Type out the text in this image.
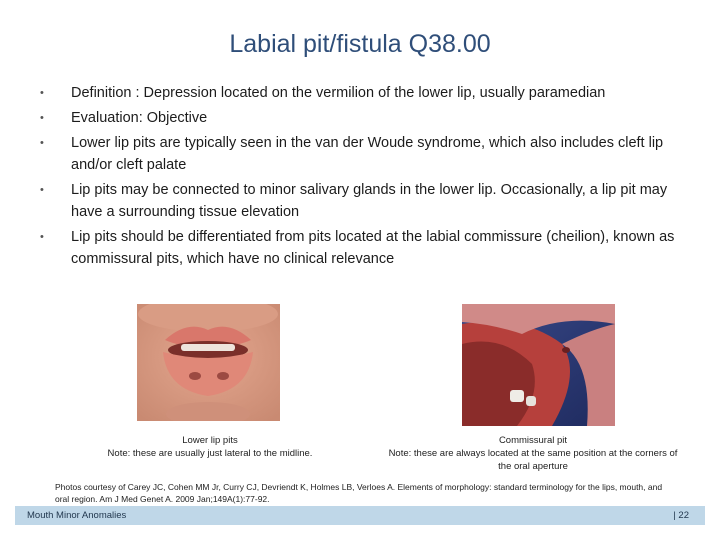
Labial pit/fistula Q38.00
• Definition : Depression located on the vermilion of the lower lip, usually paramedian
• Evaluation: Objective
• Lower lip pits are typically seen in the van der Woude syndrome, which also includes cleft lip and/or cleft palate
• Lip pits may be connected to minor salivary glands in the lower lip. Occasionally, a lip pit may have a surrounding tissue elevation
• Lip pits should be differentiated from pits located at the labial commissure (cheilion), known as commissural pits, which have no clinical relevance
Lower lip pits
Note: these are usually just lateral to the midline.
Commissural pit
Note: these are always located at the same position at the corners of the oral aperture
Photos courtesy of Carey JC, Cohen MM Jr, Curry CJ, Devriendt K, Holmes LB, Verloes A. Elements of morphology: standard terminology for the lips, mouth, and oral region. Am J Med Genet A. 2009 Jan;149A(1):77-92.
Mouth Minor Anomalies	| 22
